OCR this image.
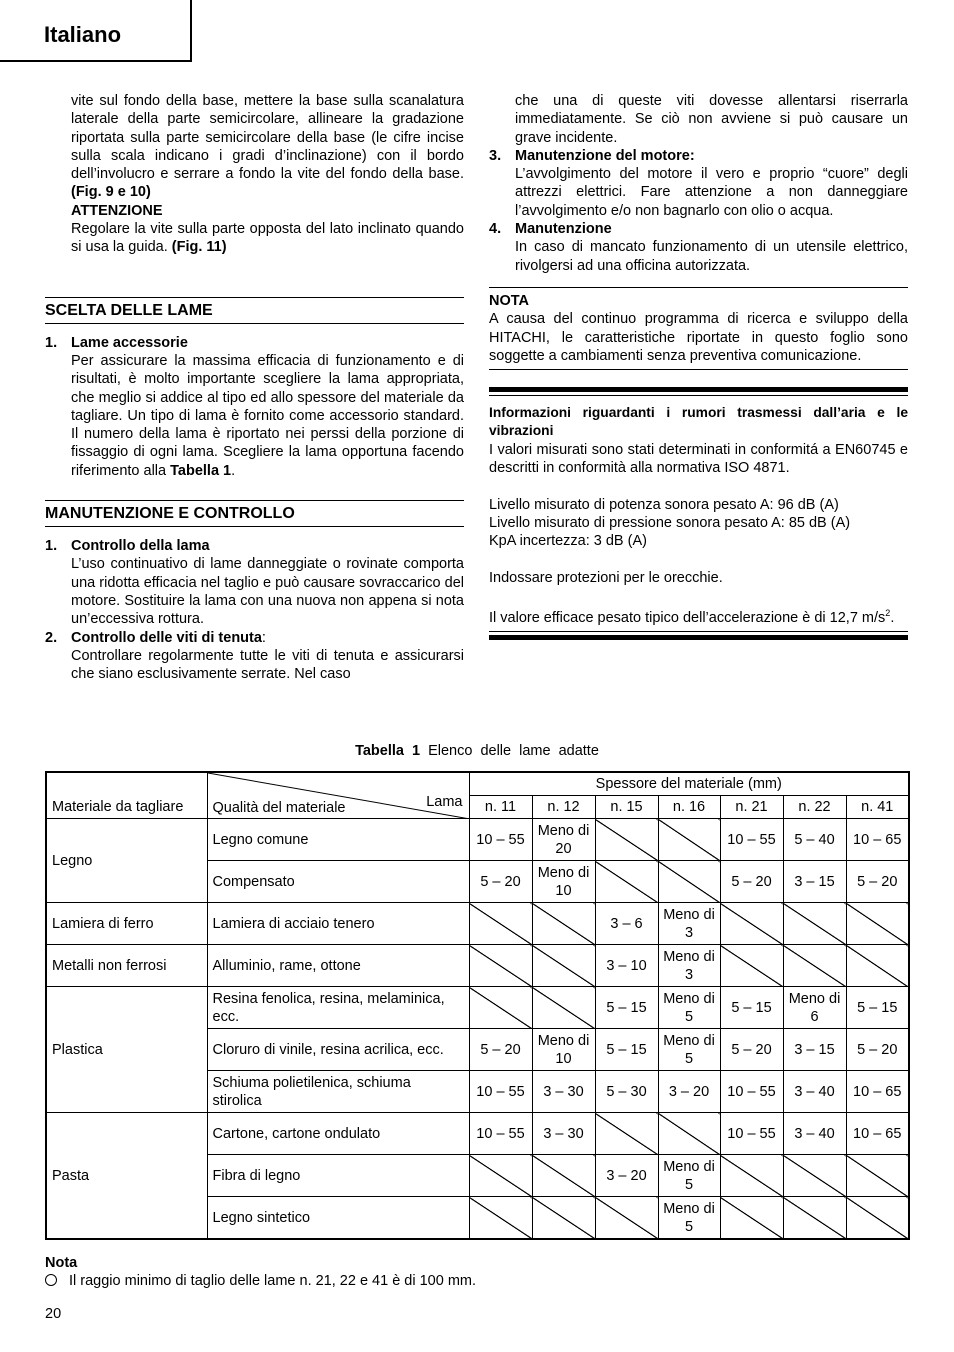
Italiano

vite sul fondo della base, mettere la base sulla scanalatura laterale della parte semicircolare, allineare la gradazione riportata sulla parte semicircolare della base (le cifre incise sulla scala indicano i gradi d’inclinazione) con il bordo dell’involucro e serrare a fondo la vite del fondo della base. (Fig. 9 e 10)

ATTENZIONE

Regolare la vite sulla parte opposta del lato inclinato quando si usa la guida. (Fig. 11)

SCELTA DELLE LAME
1. Lame accessorie

Per assicurare la massima efficacia di funzionamento e di risultati, è molto importante scegliere la lama appropriata, che meglio si addice al tipo ed allo spessore del materiale da tagliare. Un tipo di lama è fornito come accessorio standard. Il numero della lama è riportato nei perssi della porzione di fissaggio di ogni lama. Scegliere la lama opportuna facendo riferimento alla Tabella 1.

MANUTENZIONE E CONTROLLO
1. Controllo della lama

L’uso continuativo di lame danneggiate o rovinate comporta una ridotta efficacia nel taglio e può causare sovraccarico del motore. Sostituire la lama con una nuova non appena si nota un’eccessiva rottura.

2. Controllo delle viti di tenuta:

Controllare regolarmente tutte le viti di tenuta e assicurarsi che siano esclusivamente serrate. Nel caso

che una di queste viti dovesse allentarsi riserrarla immediatamente. Se ciò non avviene si può causare un grave incidente.

3. Manutenzione del motore:

L’avvolgimento del motore il vero e proprio “cuore” degli attrezzi elettrici. Fare attenzione a non danneggiare l’avvolgimento e/o non bagnarlo con olio o acqua.

4. Manutenzione

In caso di mancato funzionamento di un utensile elettrico, rivolgersi ad una officina autorizzata.

NOTA

A causa del continuo programma di ricerca e sviluppo della HITACHI, le caratteristiche riportate in questo foglio sono soggette a cambiamenti senza preventiva comunicazione.

Informazioni riguardanti i rumori trasmessi dall’aria e le vibrazioni

I valori misurati sono stati determinati in conformitá a EN60745 e descritti in conformità alla normativa ISO 4871.

Livello misurato di potenza sonora pesato A: 96 dB (A)

Livello misurato di pressione sonora pesato A: 85 dB (A)

KpA incertezza: 3 dB (A)

Indossare protezioni per le orecchie.

Il valore efficace pesato tipico dell’accelerazione è di 12,7 $m/s^2$.

Tabella 1 Elenco delle lame adatte
Materiale da tagliare	Lama
Qualità del materiale	Spessore del materiale (mm)						
		n. 11	n. 12	n. 15	n. 16	n. 21	n. 22	n. 41
Legno	Legno comune	10 – 55	Meno di 20			10 – 55	5 – 40	10 – 65
	Compensato	5 – 20	Meno di 10			5 – 20	3 – 15	5 – 20
Lamiera di ferro	Lamiera di acciaio tenero			3 – 6	Meno di 3			
Metalli non ferrosi	Alluminio, rame, ottone			3 – 10	Meno di 3			
Plastica	Resina fenolica, resina, melaminica, ecc.			5 – 15	Meno di 5	5 – 15	Meno di 6	5 – 15
	Cloruro di vinile, resina acrilica, ecc.	5 – 20	Meno di 10	5 – 15	Meno di 5	5 – 20	3 – 15	5 – 20
	Schiuma polietilenica, schiuma stirolica	10 – 55	3 – 30	5 – 30	3 – 20	10 – 55	3 – 40	10 – 65
Pasta	Cartone, cartone ondulato	10 – 55	3 – 30			10 – 55	3 – 40	10 – 65
	Fibra di legno			3 – 20	Meno di 5			
	Legno sintetico				Meno di 5			

Nota

Il raggio minimo di taglio delle lame n. 21, 22 e 41 è di 100 mm.

20
